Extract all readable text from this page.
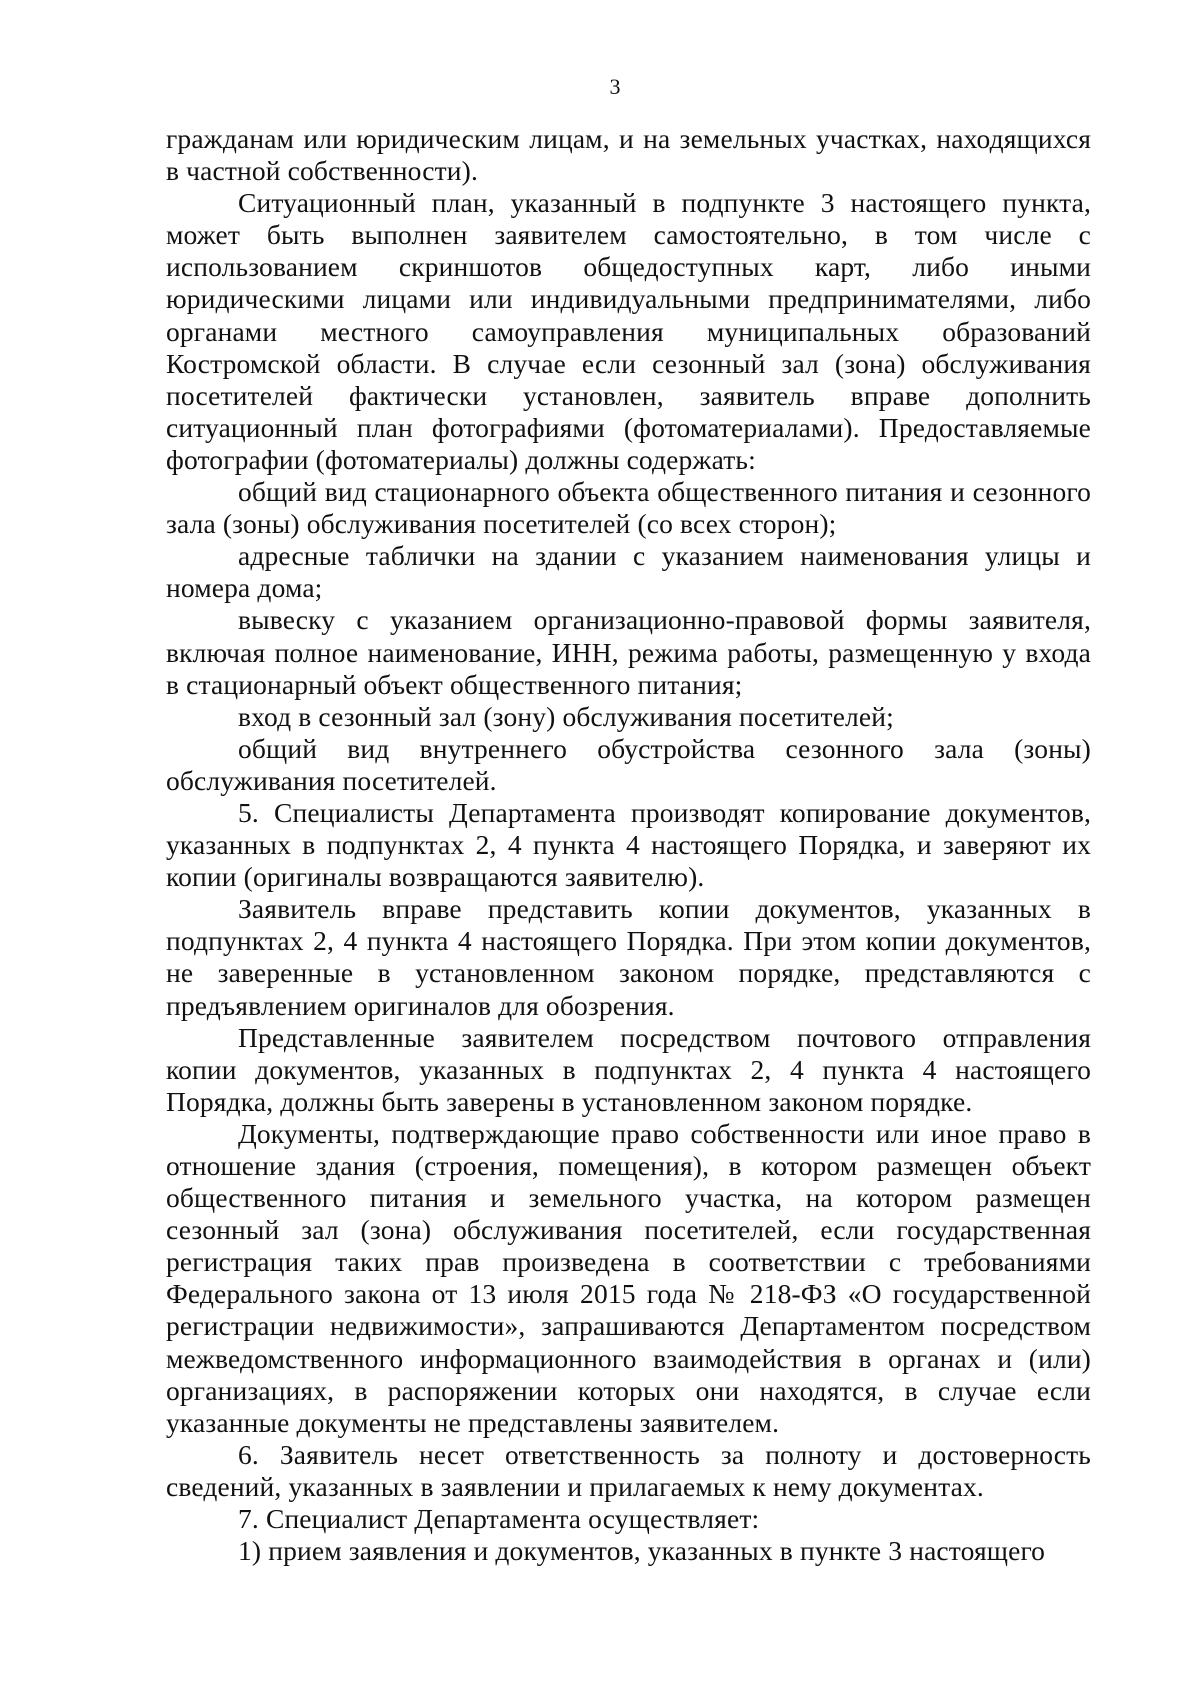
3

гражданам или юридическим лицам, и на земельных участках, находящихся в частной собственности).

Ситуационный план, указанный в подпункте 3 настоящего пункта, может быть выполнен заявителем самостоятельно, в том числе с использованием скриншотов общедоступных карт, либо иными юридическими лицами или индивидуальными предпринимателями, либо органами местного самоуправления муниципальных образований Костромской области. В случае если сезонный зал (зона) обслуживания посетителей фактически установлен, заявитель вправе дополнить ситуационный план фотографиями (фотоматериалами). Предоставляемые фотографии (фотоматериалы) должны содержать:

общий вид стационарного объекта общественного питания и сезонного зала (зоны) обслуживания посетителей (со всех сторон);

адресные таблички на здании с указанием наименования улицы и номера дома;

вывеску с указанием организационно-правовой формы заявителя, включая полное наименование, ИНН, режима работы, размещенную у входа в стационарный объект общественного питания;

вход в сезонный зал (зону) обслуживания посетителей;

общий вид внутреннего обустройства сезонного зала (зоны) обслуживания посетителей.

5. Специалисты Департамента производят копирование документов, указанных в подпунктах 2, 4 пункта 4 настоящего Порядка, и заверяют их копии (оригиналы возвращаются заявителю).

Заявитель вправе представить копии документов, указанных в подпунктах 2, 4 пункта 4 настоящего Порядка. При этом копии документов, не заверенные в установленном законом порядке, представляются с предъявлением оригиналов для обозрения.

Представленные заявителем посредством почтового отправления копии документов, указанных в подпунктах 2, 4 пункта 4 настоящего Порядка, должны быть заверены в установленном законом порядке.

Документы, подтверждающие право собственности или иное право в отношение здания (строения, помещения), в котором размещен объект общественного питания и земельного участка, на котором размещен сезонный зал (зона) обслуживания посетителей, если государственная регистрация таких прав произведена в соответствии с требованиями Федерального закона от 13 июля 2015 года № 218-ФЗ «О государственной регистрации недвижимости», запрашиваются Департаментом посредством межведомственного информационного взаимодействия в органах и (или) организациях, в распоряжении которых они находятся, в случае если указанные документы не представлены заявителем.

6. Заявитель несет ответственность за полноту и достоверность сведений, указанных в заявлении и прилагаемых к нему документах.

7. Специалист Департамента осуществляет:

1) прием заявления и документов, указанных в пункте 3 настоящего
